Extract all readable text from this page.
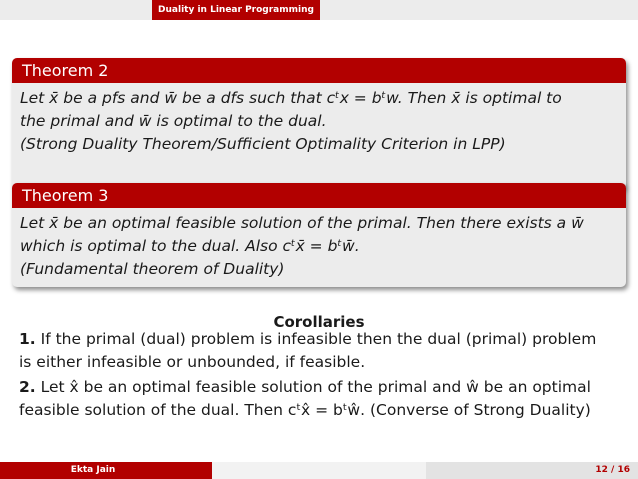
Duality in Linear Programming
Theorem 2

Let x̄ be a pfs and w̄ be a dfs such that cᵗx = bᵗw. Then x̄ is optimal to

the primal and w̄ is optimal to the dual.

(Strong Duality Theorem/Sufficient Optimality Criterion in LPP)

Theorem 3

Let x̄ be an optimal feasible solution of the primal. Then there exists a w̄

which is optimal to the dual. Also cᵗx̄ = bᵗw̄.

(Fundamental theorem of Duality)

Corollaries

1. If the primal (dual) problem is infeasible then the dual (primal) problem

is either infeasible or unbounded, if feasible.

2. Let x̂ be an optimal feasible solution of the primal and ŵ be an optimal

feasible solution of the dual. Then cᵗx̂ = bᵗŵ. (Converse of Strong Duality)

Ekta Jain	12 / 16
